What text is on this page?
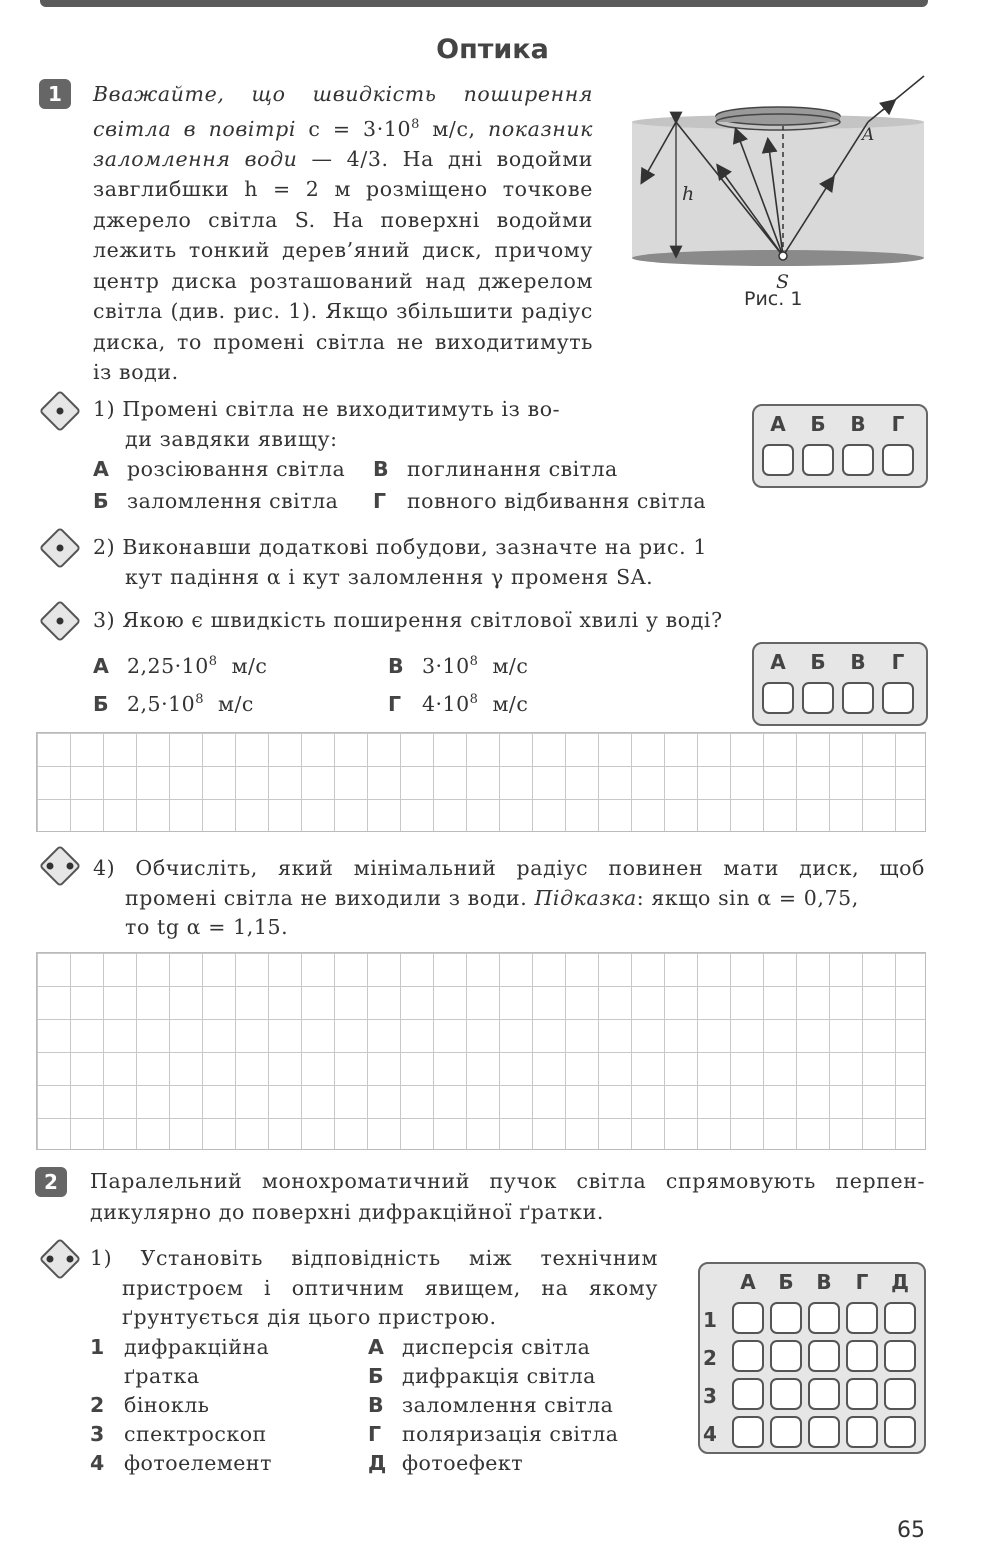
Оптика
1	Вважайте, що швидкість поширення світла в повітрі $c = 3\cdot 10^8$ м/с, показник заломлення води — 4/3. На дні водойми завглибшки h = 2 м розміщено точкове джерело світла S. На поверхні водойми лежить тонкий дерев’яний диск, причому центр диска розташований над джерелом світла (див. рис. 1). Якщо збільшити радіус диска, то промені світла не виходитимуть із води.
h
S
A
Рис. 1
1) Промені світла не виходитимуть із во-
ди завдяки явищу:
А розсіювання світла В поглинання світла
Б заломлення світла Г повного відбивання світла
А	Б	В	Г
2) Виконавши додаткові побудови, зазначте на рис. 1
кут падіння α і кут заломлення γ променя SA.
3) Якою є швидкість поширення світлової хвилі у воді?
А $2,25\cdot 10^8$ м/с	В $3\cdot 10^8$ м/с
Б $2,5\cdot 10^8$ м/с	Г $4\cdot 10^8$ м/с
А	Б	В	Г
4) Обчисліть, який мінімальний радіус повинен мати диск, щоб
промені світла не виходили з води. Підказка: якщо sin α = 0,75,
то tg α = 1,15.
2	Паралельний монохроматичний пучок світла спрямовують перпен-
дикулярно до поверхні дифракційної ґратки.
1) Установіть відповідність між технічним
пристроєм і оптичним явищем, на якому
ґрунтується дія цього пристрою.
1 дифракційна
ґратка
2 бінокль
3 спектроскоп
4 фотоелемент
А дисперсія світла
Б дифракція світла
В заломлення світла
Г поляризація світла
Д фотоефект
А	Б	В	Г	Д
1
2
3
4
65
